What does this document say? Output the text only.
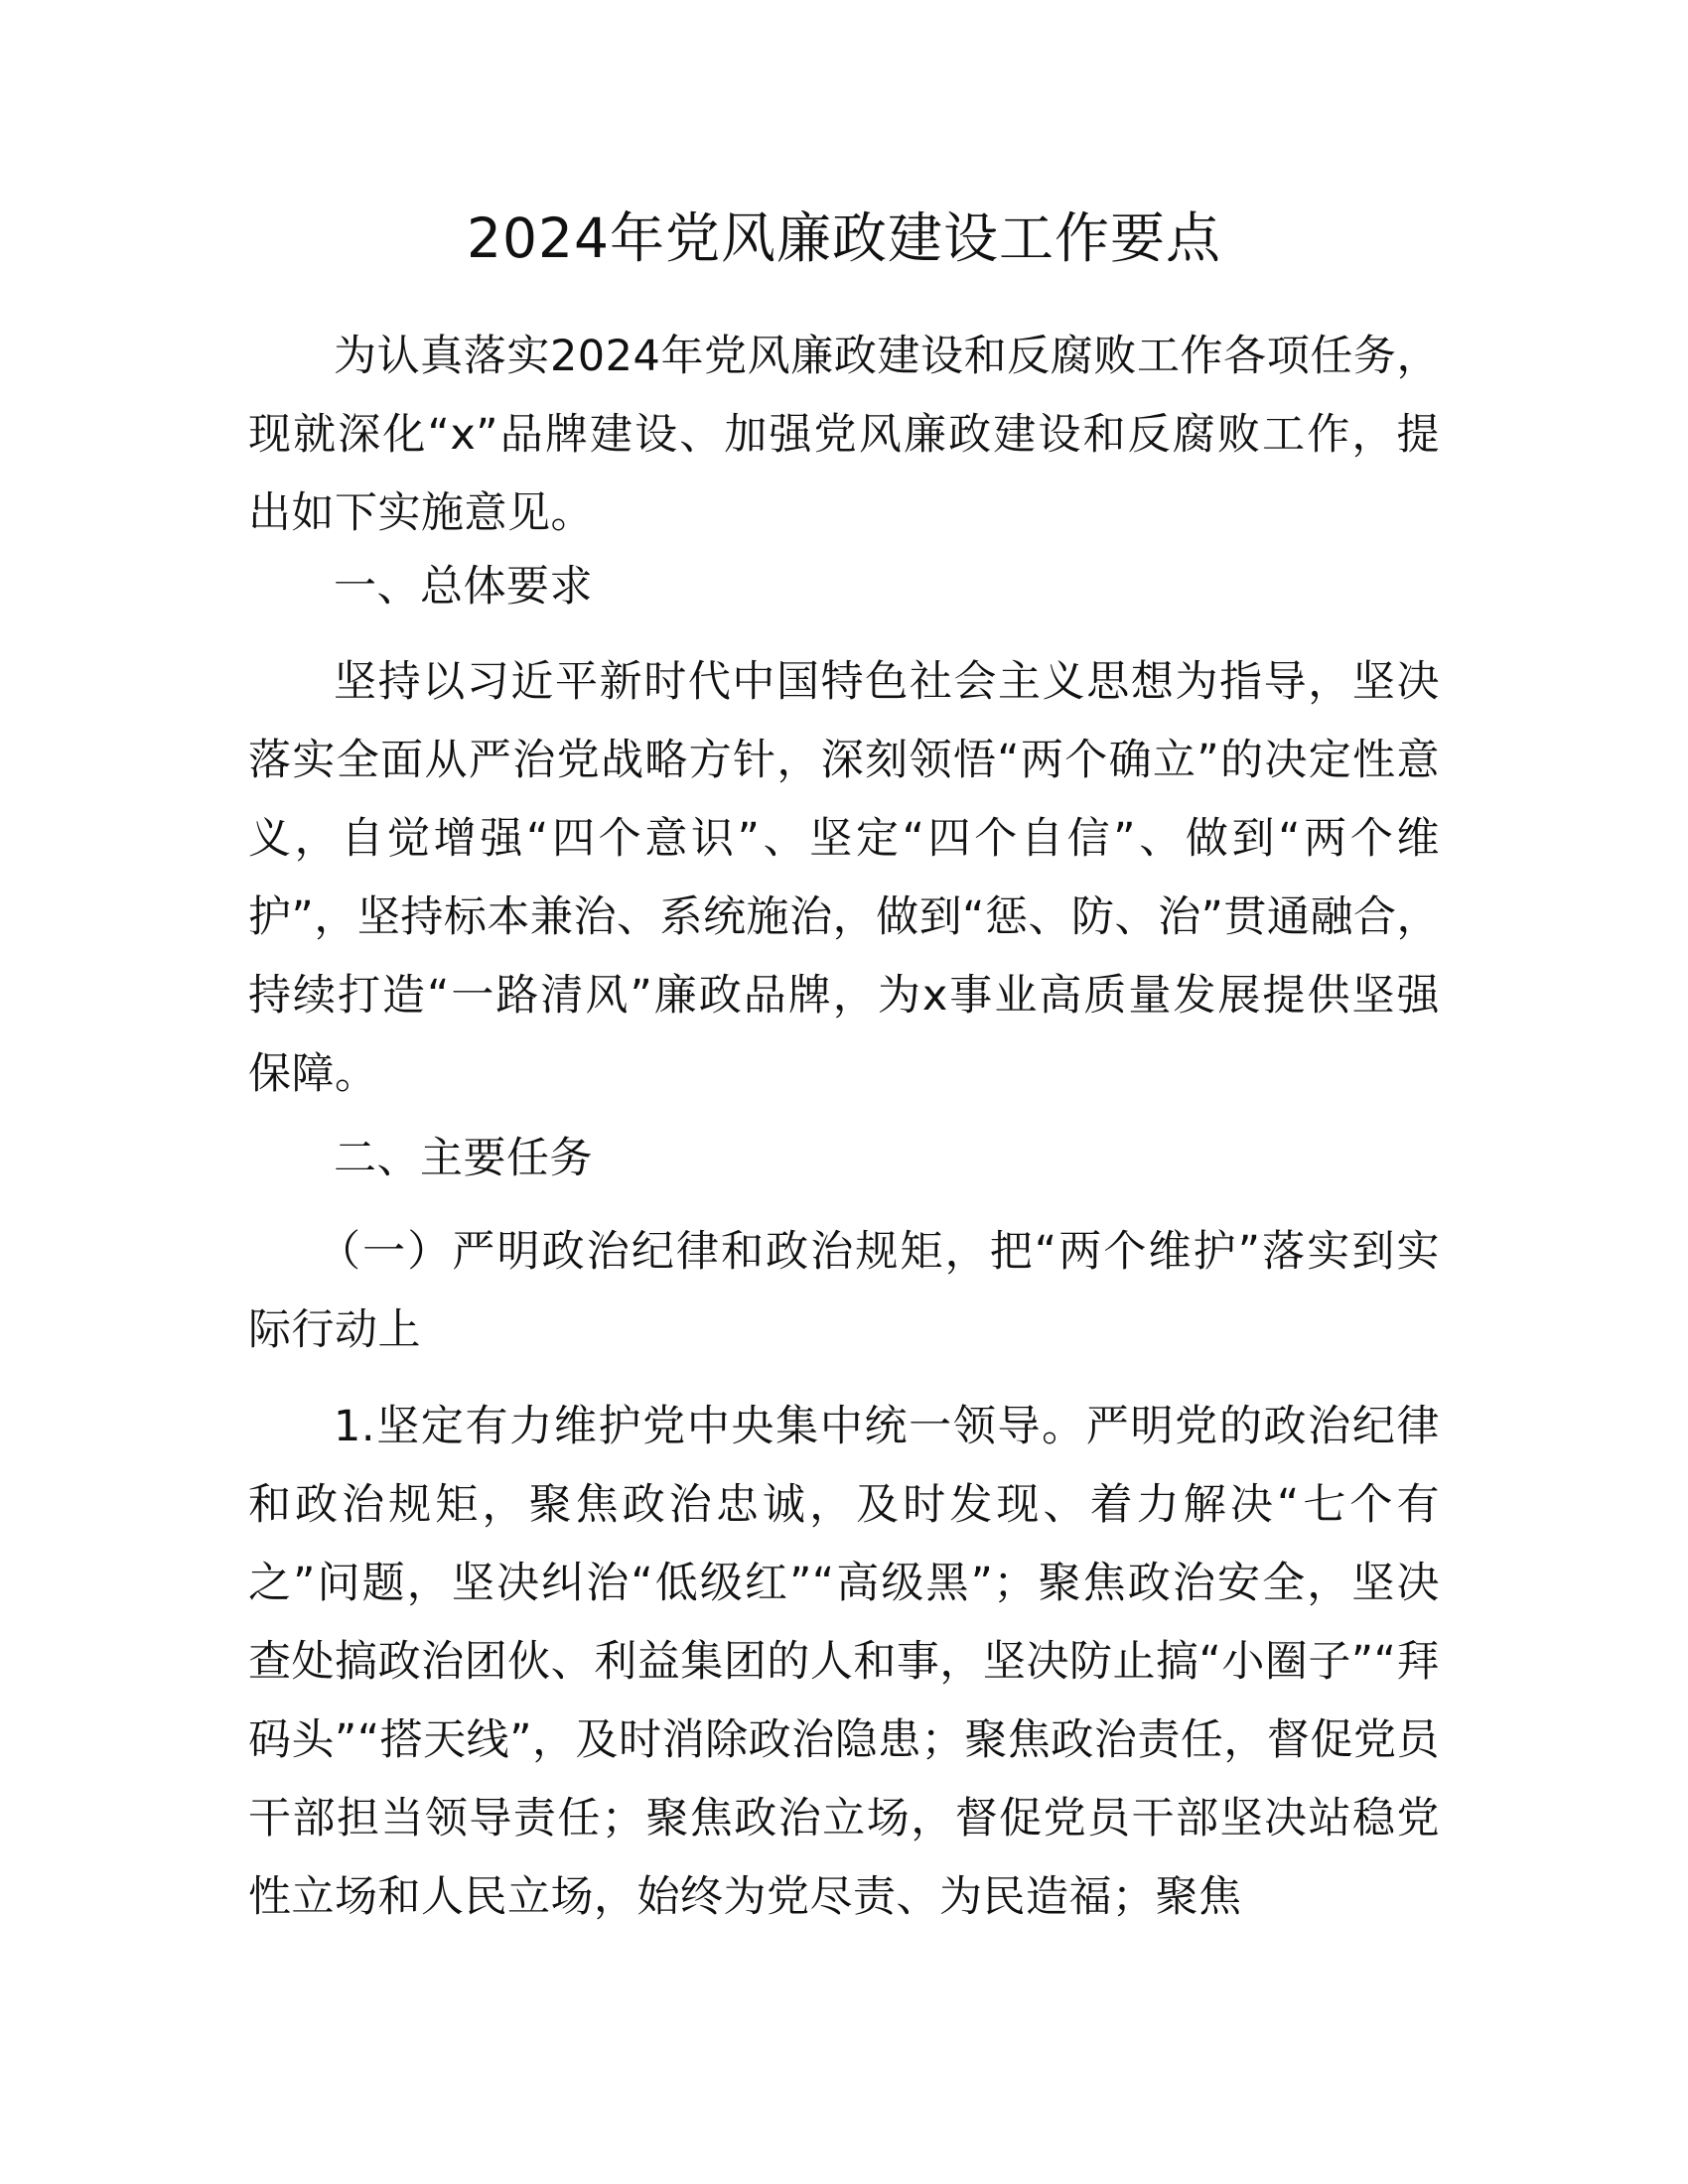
2024年党风廉政建设工作要点

为认真落实2024年党风廉政建设和反腐败工作各项任务，现就深化“x”品牌建设、加强党风廉政建设和反腐败工作，提出如下实施意见。

一、总体要求

坚持以习近平新时代中国特色社会主义思想为指导，坚决落实全面从严治党战略方针，深刻领悟“两个确立”的决定性意义，自觉增强“四个意识”、坚定“四个自信”、做到“两个维护”，坚持标本兼治、系统施治，做到“惩、防、治”贯通融合，持续打造“一路清风”廉政品牌，为x事业高质量发展提供坚强保障。

二、主要任务

（一）严明政治纪律和政治规矩，把“两个维护”落实到实际行动上

1.坚定有力维护党中央集中统一领导。严明党的政治纪律和政治规矩，聚焦政治忠诚，及时发现、着力解决“七个有之”问题，坚决纠治“低级红”“高级黑”；聚焦政治安全，坚决查处搞政治团伙、利益集团的人和事，坚决防止搞“小圈子”“拜码头”“搭天线”，及时消除政治隐患；聚焦政治责任，督促党员干部担当领导责任；聚焦政治立场，督促党员干部坚决站稳党性立场和人民立场，始终为党尽责、为民造福；聚焦
